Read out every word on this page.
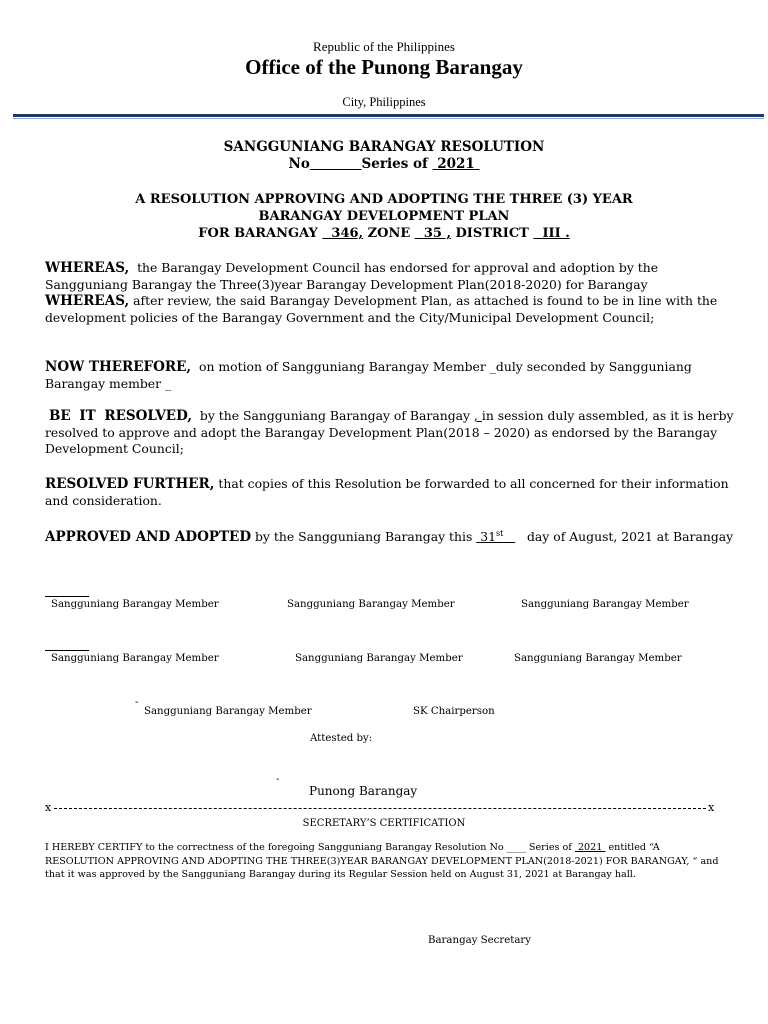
Republic of the Philippines
Office of the Punong Barangay
City, Philippines
SANGGUNIANG BARANGAY RESOLUTION
No	Series of 2021
A RESOLUTION APPROVING AND ADOPTING THE THREE (3) YEAR
BARANGAY DEVELOPMENT PLAN
FOR BARANGAY 346, ZONE 35 , DISTRICT III .
WHEREAS, the Barangay Development Council has endorsed for approval and adoption by the Sangguniang Barangay the Three(3)year Barangay Development Plan(2018-2020) for Barangay
WHEREAS, after review, the said Barangay Development Plan, as attached is found to be in line with the development policies of the Barangay Government and the City/Municipal Development Council;
NOW THEREFORE, on motion of Sangguniang Barangay Member _duly seconded by Sangguniang Barangay member _
BE IT RESOLVED, by the Sangguniang Barangay of Barangay , in session duly assembled, as it is herby resolved to approve and adopt the Barangay Development Plan(2018 – 2020) as endorsed by the Barangay Development Council;
RESOLVED FURTHER, that copies of this Resolution be forwarded to all concerned for their information and consideration.
APPROVED AND ADOPTED by the Sangguniang Barangay this 31st day of August, 2021 at Barangay
Sangguniang Barangay Member	Sangguniang Barangay Member	Sangguniang Barangay Member
Sangguniang Barangay Member	Sangguniang Barangay Member	Sangguniang Barangay Member
-
Sangguniang Barangay Member	SK Chairperson
Attested by:
-
Punong Barangay
x	x
SECRETARY’S CERTIFICATION
I HEREBY CERTIFY to the correctness of the foregoing Sangguniang Barangay Resolution No ____ Series of 2021 entitled “A RESOLUTION APPROVING AND ADOPTING THE THREE(3)YEAR BARANGAY DEVELOPMENT PLAN(2018-2021) FOR BARANGAY, “ and that it was approved by the Sangguniang Barangay during its Regular Session held on August 31, 2021 at Barangay hall.
Barangay Secretary
